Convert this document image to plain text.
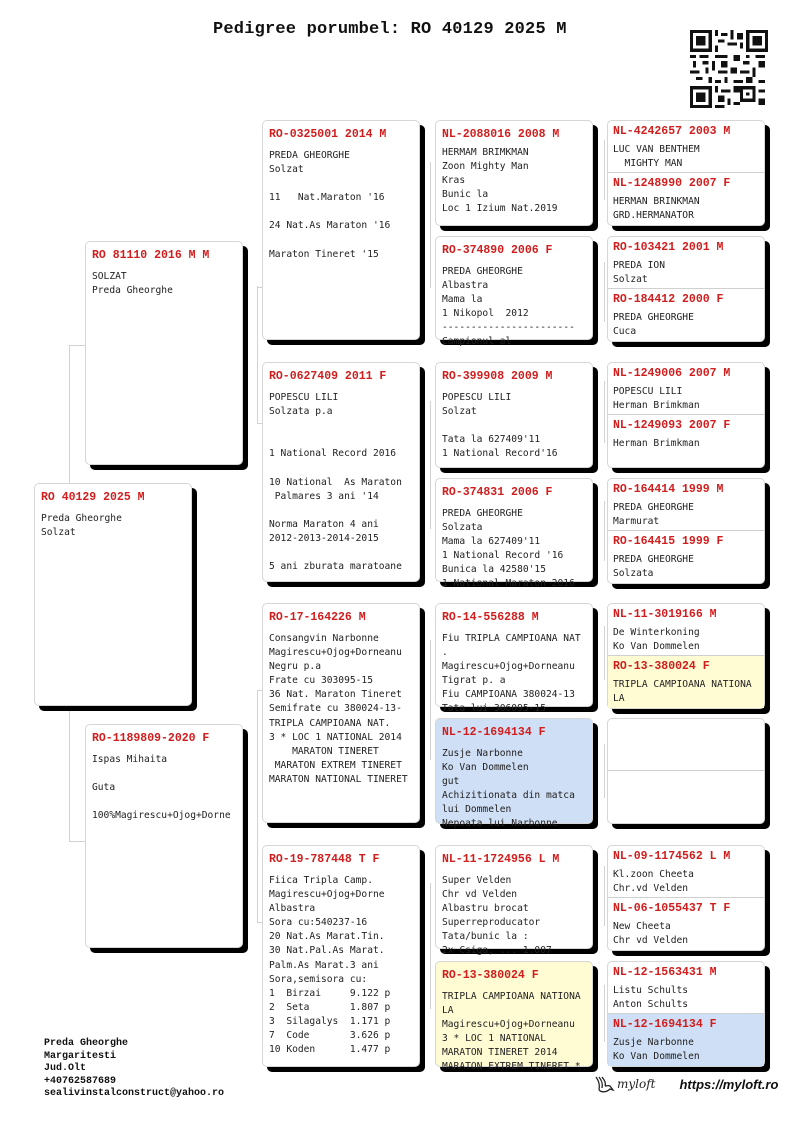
Pedigree porumbel: RO 40129 2025 M
RO 40129 2025 M
Preda Gheorghe
Solzat
RO 81110 2016 M M
SOLZAT
Preda Gheorghe
RO-1189809-2020 F
Ispas Mihaita

Guta

100%Magirescu+Ojog+Dorne
RO-0325001 2014 M
PREDA GHEORGHE
Solzat

11   Nat.Maraton '16

24 Nat.As Maraton '16

Maraton Tineret '15
RO-0627409 2011 F
POPESCU LILI
Solzata p.a

1 National Record 2016

10 National  As Maraton
Palmares 3 ani '14

Norma Maraton 4 ani
2012-2013-2014-2015

5 ani zburata maratoane
RO-17-164226 M
Consangvin Narbonne
Magirescu+Ojog+Dorneanu
Negru p.a
Frate cu 303095-15
36 Nat. Maraton Tineret
Semifrate cu 380024-13-
TRIPLA CAMPIOANA NAT.
3 * LOC 1 NATIONAL 2014
MARATON TINERET
MARATON EXTREM TINERET
MARATON NATIONAL TINERET
RO-19-787448 T F
Fiica Tripla Camp.
Magirescu+Ojog+Dorne
Albastra
Sora cu:540237-16
20 Nat.As Marat.Tin.
30 Nat.Pal.As Marat.
Palm.As Marat.3 ani
Sora,semisora cu:
1  Birzai     9.122 p
2  Seta       1.807 p
3  Silagalys  1.171 p
7  Code       3.626 p
10 Koden      1.477 p
NL-2088016 2008 M
HERMAM BRIMKMAN
Zoon Mighty Man
Kras
Bunic la
Loc 1 Izium Nat.2019
RO-374890 2006 F
PREDA GHEORGHE
Albastra
Mama la
1 Nikopol  2012
-----------------------
Campionul al
RO-399908 2009 M
POPESCU LILI
Solzat

Tata la 627409'11
1 National Record'16
RO-374831 2006 F
PREDA GHEORGHE
Solzata
Mama la 627409'11
1 National Record '16
Bunica la 42580'15
1 National Maraton 2016
RO-14-556288 M
Fiu TRIPLA CAMPIOANA NAT
.
Magirescu+Ojog+Dorneanu
Tigrat p. a
Fiu CAMPIOANA 380024-13
Tata lui 306095-15
NL-12-1694134 F
Zusje Narbonne
Ko Van Dommelen
gut
Achizitionata din matca
lui Dommelen
Nepoata lui Narbonne
NL-11-1724956 L M
Super Velden
Chr vd Velden
Albastru brocat
Superreproducator
Tata/bunic la :
2x Csiga, ... 1.007
RO-13-380024 F
TRIPLA CAMPIOANA NATIONA
LA
Magirescu+Ojog+Dorneanu
3 * LOC 1 NATIONAL
MARATON TINERET 2014
MARATON EXTREM TINERET *
NL-4242657 2003 M
LUC VAN BENTHEM
MIGHTY MAN
NL-1248990 2007 F
HERMAN BRINKMAN
GRD.HERMANATOR
RO-103421 2001 M
PREDA ION
Solzat
RO-184412 2000 F
PREDA GHEORGHE
Cuca
NL-1249006 2007 M
POPESCU LILI
Herman Brimkman
NL-1249093 2007 F
Herman Brimkman
RO-164414 1999 M
PREDA GHEORGHE
Marmurat
RO-164415 1999 F
PREDA GHEORGHE
Solzata
NL-11-3019166 M
De Winterkoning
Ko Van Dommelen
RO-13-380024 F
TRIPLA CAMPIOANA NATIONA
LA
NL-09-1174562 L M
Kl.zoon Cheeta
Chr.vd Velden
NL-06-1055437 T F
New Cheeta
Chr vd Velden
NL-12-1563431 M
Listu Schults
Anton Schults
NL-12-1694134 F
Zusje Narbonne
Ko Van Dommelen
Preda Gheorghe
Margaritesti
Jud.Olt
+40762587689
sealivinstalconstruct@yahoo.ro
myloft https://myloft.ro
